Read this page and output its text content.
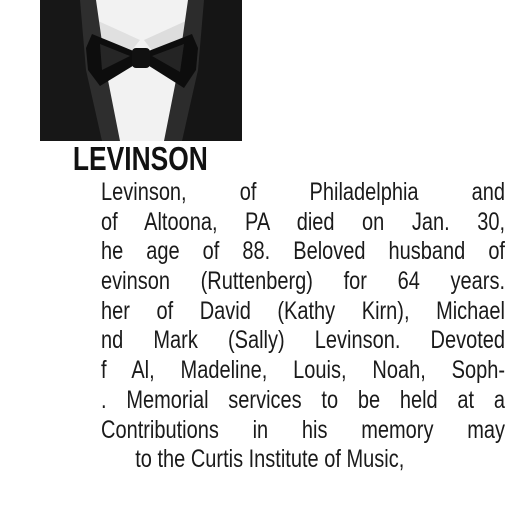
LEVINSON
Levinson, of Philadelphia and
of Altoona, PA died on Jan. 30,
he age of 88. Beloved husband of
evinson (Ruttenberg) for 64 years.
her of David (Kathy Kirn), Michael
nd Mark (Sally) Levinson. Devoted
f Al, Madeline, Louis, Noah, Soph-
. Memorial services to be held at a
Contributions in his memory may
to the Curtis Institute of Music,
